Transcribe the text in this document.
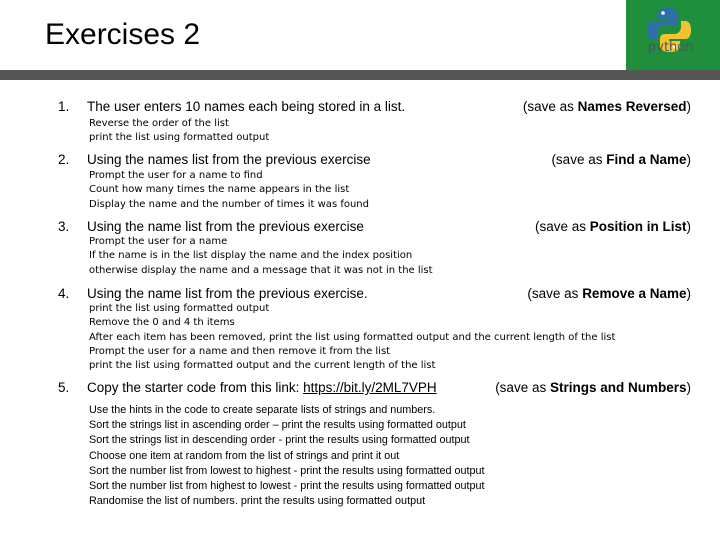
Exercises 2	python
1. The user enters 10 names each being stored in a list.	(save as Names Reversed)
Reverse the order of the list
print the list using formatted output
2. Using the names list from the previous exercise	(save as Find a Name)
Prompt the user for a name to find
Count how many times the name appears in the list
Display the name and the number of times it was found
3. Using the name list from the previous exercise	(save as Position in List)
Prompt the user for a name
If the name is in the list display the name and the index position
otherwise display the name and a message that it was not in the list
4. Using the name list from the previous exercise.	(save as Remove a Name)
print the list using formatted output
Remove the 0 and 4 th items
After each item has been removed, print the list using formatted output and the current length of the list
Prompt the user for a name and then remove it from the list
print the list using formatted output and the current length of the list
5. Copy the starter code from this link: https://bit.ly/2ML7VPH	(save as Strings and Numbers)
Use the hints in the code to create separate lists of strings and numbers.
Sort the strings list in ascending order – print the results using formatted output
Sort the strings list in descending order - print the results using formatted output
Choose one item at random from the list of strings and print it out
Sort the number list from lowest to highest - print the results using formatted output
Sort the number list from highest to lowest - print the results using formatted output
Randomise the list of numbers. print the results using formatted output
